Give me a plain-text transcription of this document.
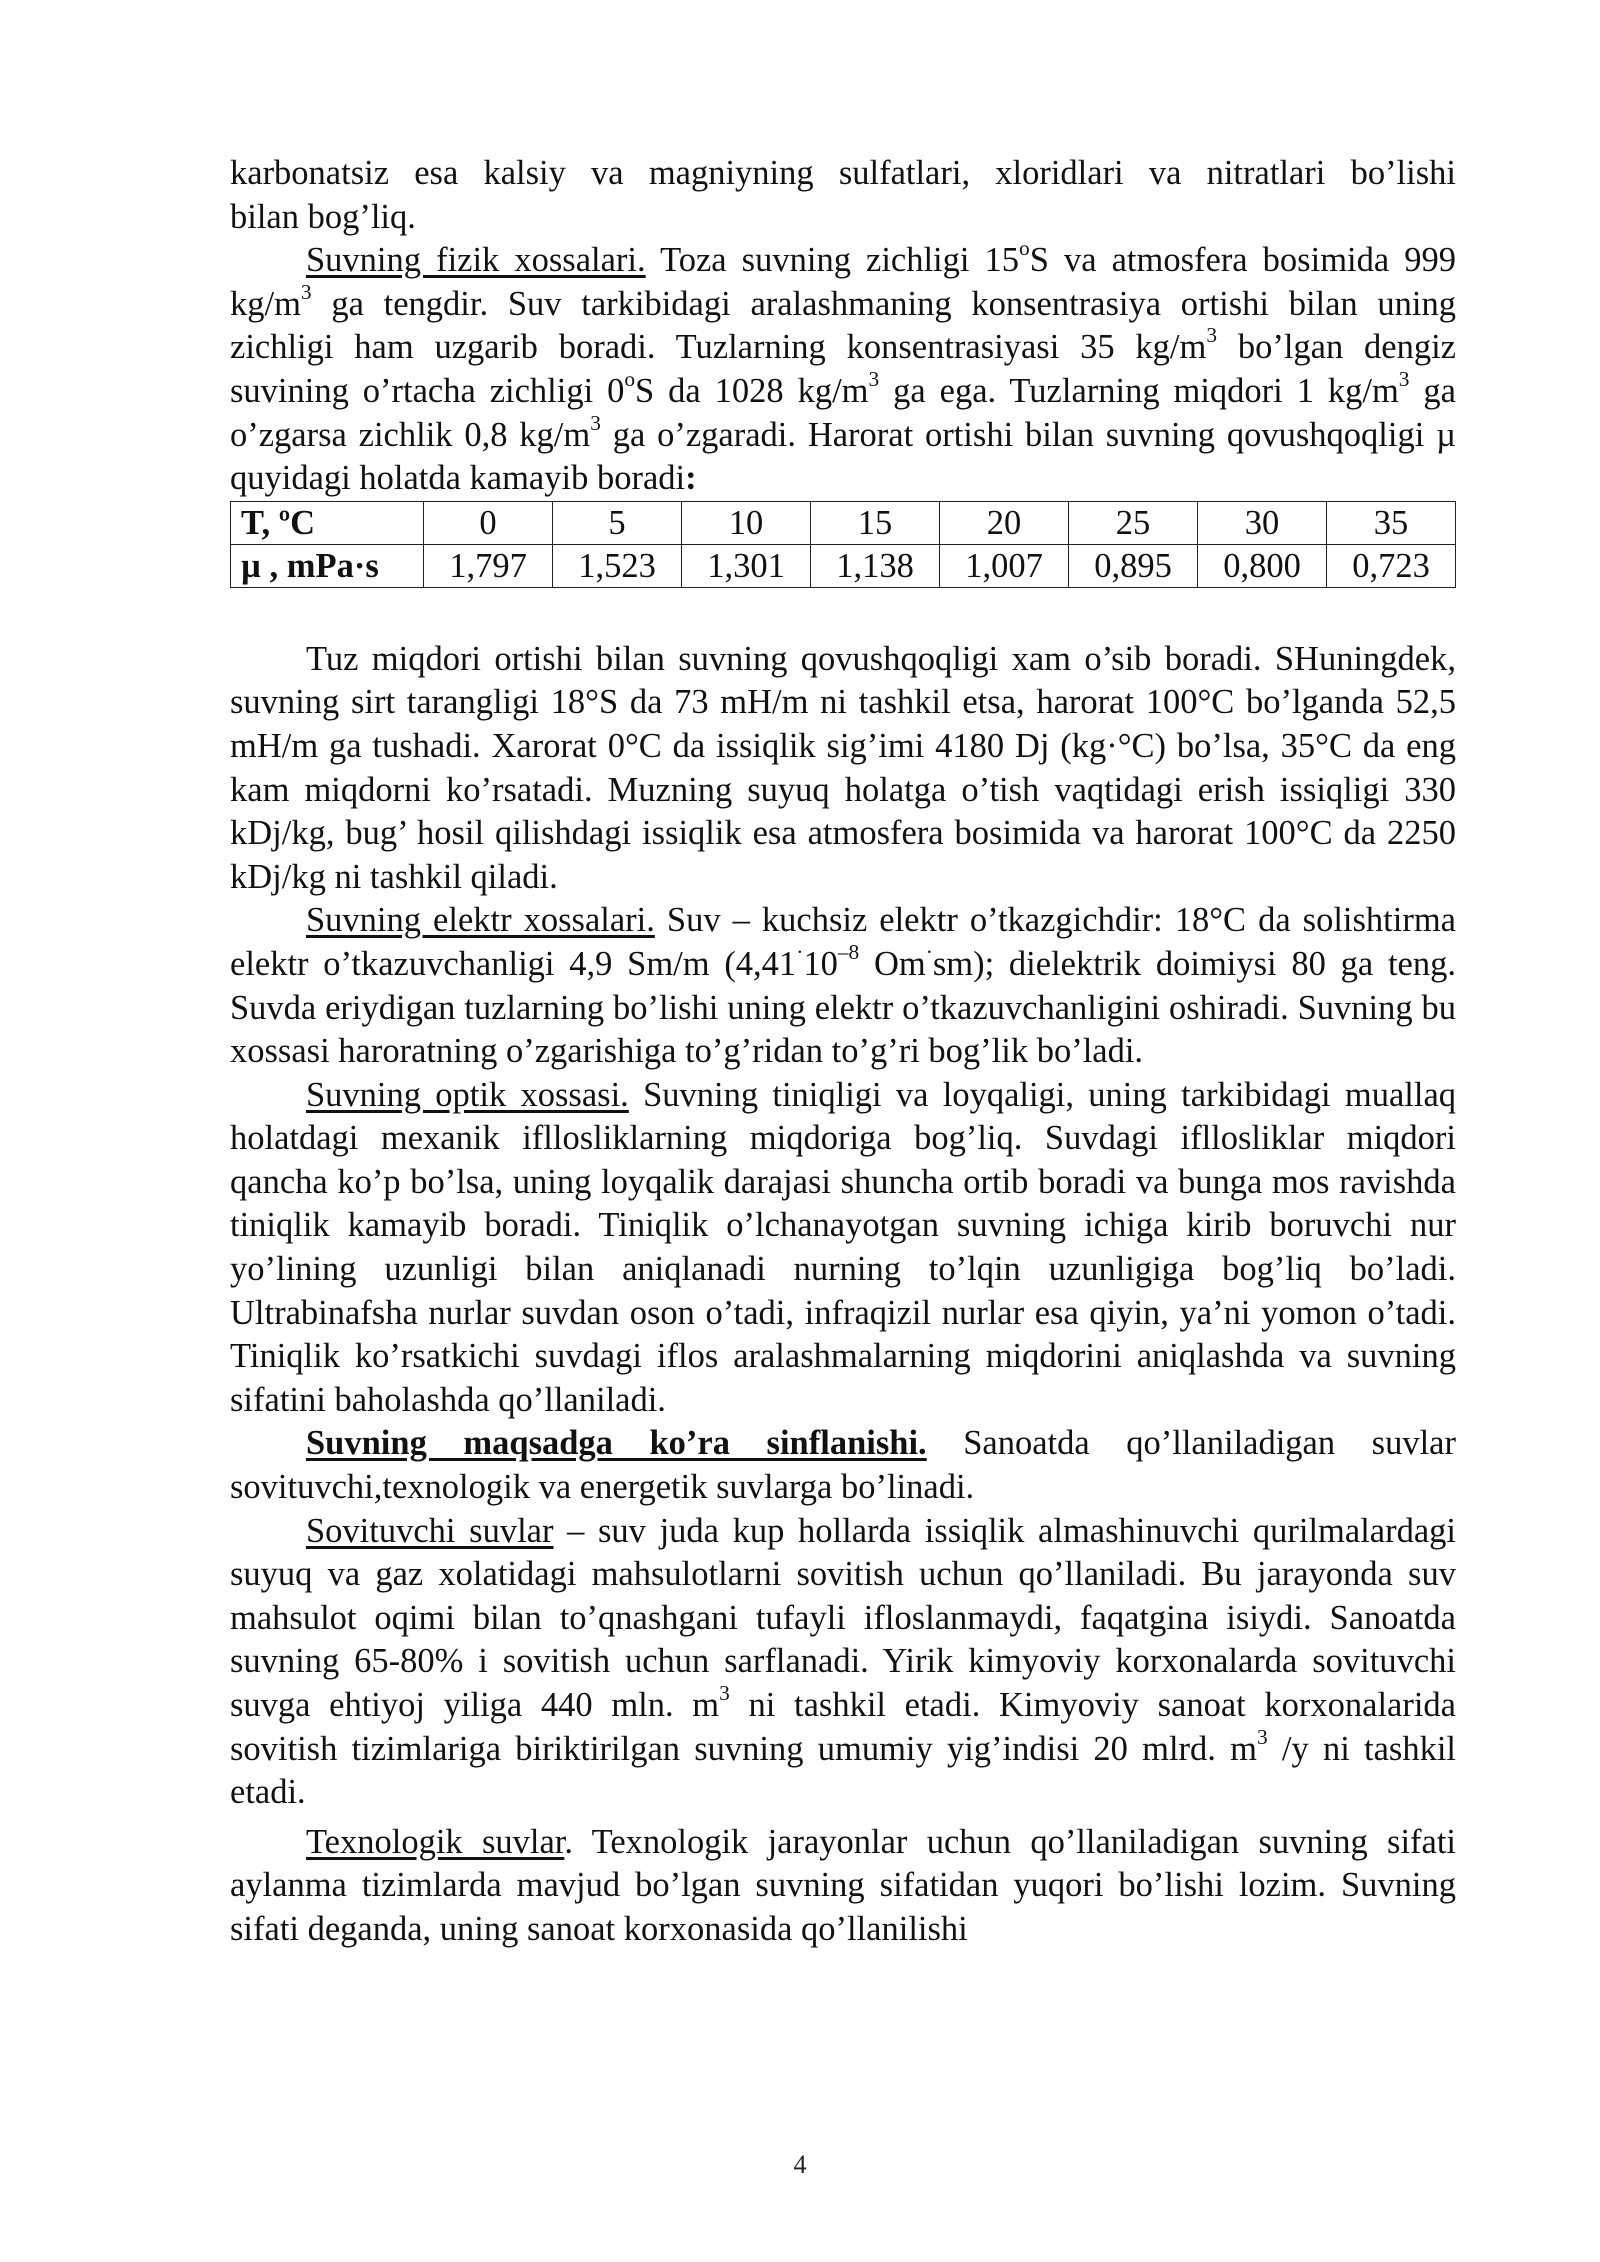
karbonatsiz esa kalsiy va magniyning sulfatlari, xloridlari va nitratlari bo’lishi

bilan bog’liq.

Suvning fizik xossalari. Toza suvning zichligi 15$^o$S va atmosfera bosimida 999 $kg/m^3$ ga tengdir. Suv tarkibidagi aralashmaning konsentrasiya ortishi bilan uning zichligi ham uzgarib boradi. Tuzlarning konsentrasiyasi 35 $kg/m^3$ bo’lgan dengiz suvining o’rtacha zichligi 0$^o$S da 1028 $kg/m^3$ ga ega. Tuzlarning miqdori 1 $kg/m^3$ ga o’zgarsa zichlik 0,8 $kg/m^3$ ga o’zgaradi. Harorat ortishi bilan suvning qovushqoqligi µ quyidagi holatda kamayib boradi:

T, ºC	0	5	10	15	20	25	30	35
µ , mPa·s	1,797	1,523	1,301	1,138	1,007	0,895	0,800	0,723

Tuz miqdori ortishi bilan suvning qovushqoqligi xam o’sib boradi. SHuningdek, suvning sirt tarangligi 18°S da 73 mH/m ni tashkil etsa, harorat 100°C bo’lganda 52,5 mH/m ga tushadi. Xarorat 0°C da issiqlik sig’imi 4180 Dj (kg·°C) bo’lsa, 35°C da eng kam miqdorni ko’rsatadi. Muzning suyuq holatga o’tish vaqtidagi erish issiqligi 330 kDj/kg, bug’ hosil qilishdagi issiqlik esa atmosfera bosimida va harorat 100°C da 2250 kDj/kg ni tashkil qiladi.

Suvning elektr xossalari. Suv – kuchsiz elektr o’tkazgichdir: 18°C da solishtirma elektr o’tkazuvchanligi 4,9 Sm/m ($4,41^\cdot 10^{-8}$ Om·sm); dielektrik doimiysi 80 ga teng. Suvda eriydigan tuzlarning bo’lishi uning elektr o’tkazuvchanligini oshiradi. Suvning bu xossasi haroratning o’zgarishiga to’g’ridan to’g’ri bog’lik bo’ladi.

Suvning optik xossasi. Suvning tiniqligi va loyqaligi, uning tarkibidagi muallaq holatdagi mexanik ifllosliklarning miqdoriga bog’liq. Suvdagi ifllosliklar miqdori qancha ko’p bo’lsa, uning loyqalik darajasi shuncha ortib boradi va bunga mos ravishda tiniqlik kamayib boradi. Tiniqlik o’lchanayotgan suvning ichiga kirib boruvchi nur yo’lining uzunligi bilan aniqlanadi nurning to’lqin uzunligiga bog’liq bo’ladi. Ultrabinafsha nurlar suvdan oson o’tadi, infraqizil nurlar esa qiyin, ya’ni yomon o’tadi. Tiniqlik ko’rsatkichi suvdagi iflos aralashmalarning miqdorini aniqlashda va suvning sifatini baholashda qo’llaniladi.

Suvning maqsadga ko’ra sinflanishi. Sanoatda qo’llaniladigan suvlar sovituvchi,texnologik va energetik suvlarga bo’linadi.

Sovituvchi suvlar – suv juda kup hollarda issiqlik almashinuvchi qurilmalardagi suyuq va gaz xolatidagi mahsulotlarni sovitish uchun qo’llaniladi. Bu jarayonda suv mahsulot oqimi bilan to’qnashgani tufayli ifloslanmaydi, faqatgina isiydi. Sanoatda suvning 65-80% i sovitish uchun sarflanadi. Yirik kimyoviy korxonalarda sovituvchi suvga ehtiyoj yiliga 440 mln. $m^3$ ni tashkil etadi. Kimyoviy sanoat korxonalarida sovitish tizimlariga biriktirilgan suvning umumiy yig’indisi 20 mlrd. $m^3$ /y ni tashkil etadi.

Texnologik suvlar. Texnologik jarayonlar uchun qo’llaniladigan suvning sifati aylanma tizimlarda mavjud bo’lgan suvning sifatidan yuqori bo’lishi lozim. Suvning sifati deganda, uning sanoat korxonasida qo’llanilishi

4
